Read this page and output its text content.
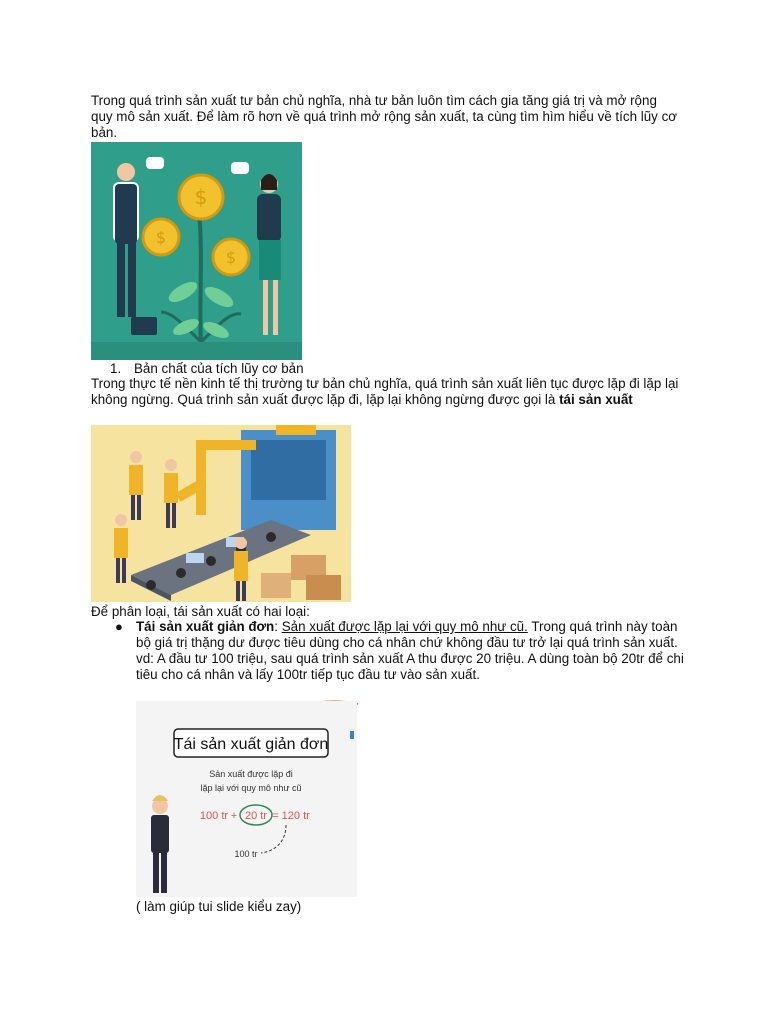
Trong quá trình sản xuất tư bản chủ nghĩa, nhà tư bản luôn tìm cách gia tăng giá trị và mở rộng quy mô sản xuất. Để làm rõ hơn về quá trình mở rộng sản xuất, ta cùng tìm hìm hiểu về tích lũy cơ bản.
$
$
$
1. Bản chất của tích lũy cơ bản
Trong thực tế nền kinh tế thị trường tư bản chủ nghĩa, quá trình sản xuất liên tục được lặp đi lặp lại không ngừng. Quá trình sản xuất được lặp đi, lặp lại không ngừng được gọi là tái sản xuất
Để phân loại, tái sản xuất có hai loại:
● Tái sản xuất giản đơn: Sản xuất được lặp lại với quy mô như cũ. Trong quá trình này toàn bộ giá trị thặng dư được tiêu dùng cho cá nhân chứ không đầu tư trở lại quá trình sản xuất.
vd: A đầu tư 100 triệu, sau quá trình sản xuất A thu được 20 triệu. A dùng toàn bộ 20tr để chi tiêu cho cá nhân và lấy 100tr tiếp tục đầu tư vào sản xuất.
Tái sản xuất giản đơn
Sản xuất được lặp đi
lặp lại với quy mô như cũ
100 tr + 20 tr = 120 tr
100 tr
( làm giúp tui slide kiểu zay)
